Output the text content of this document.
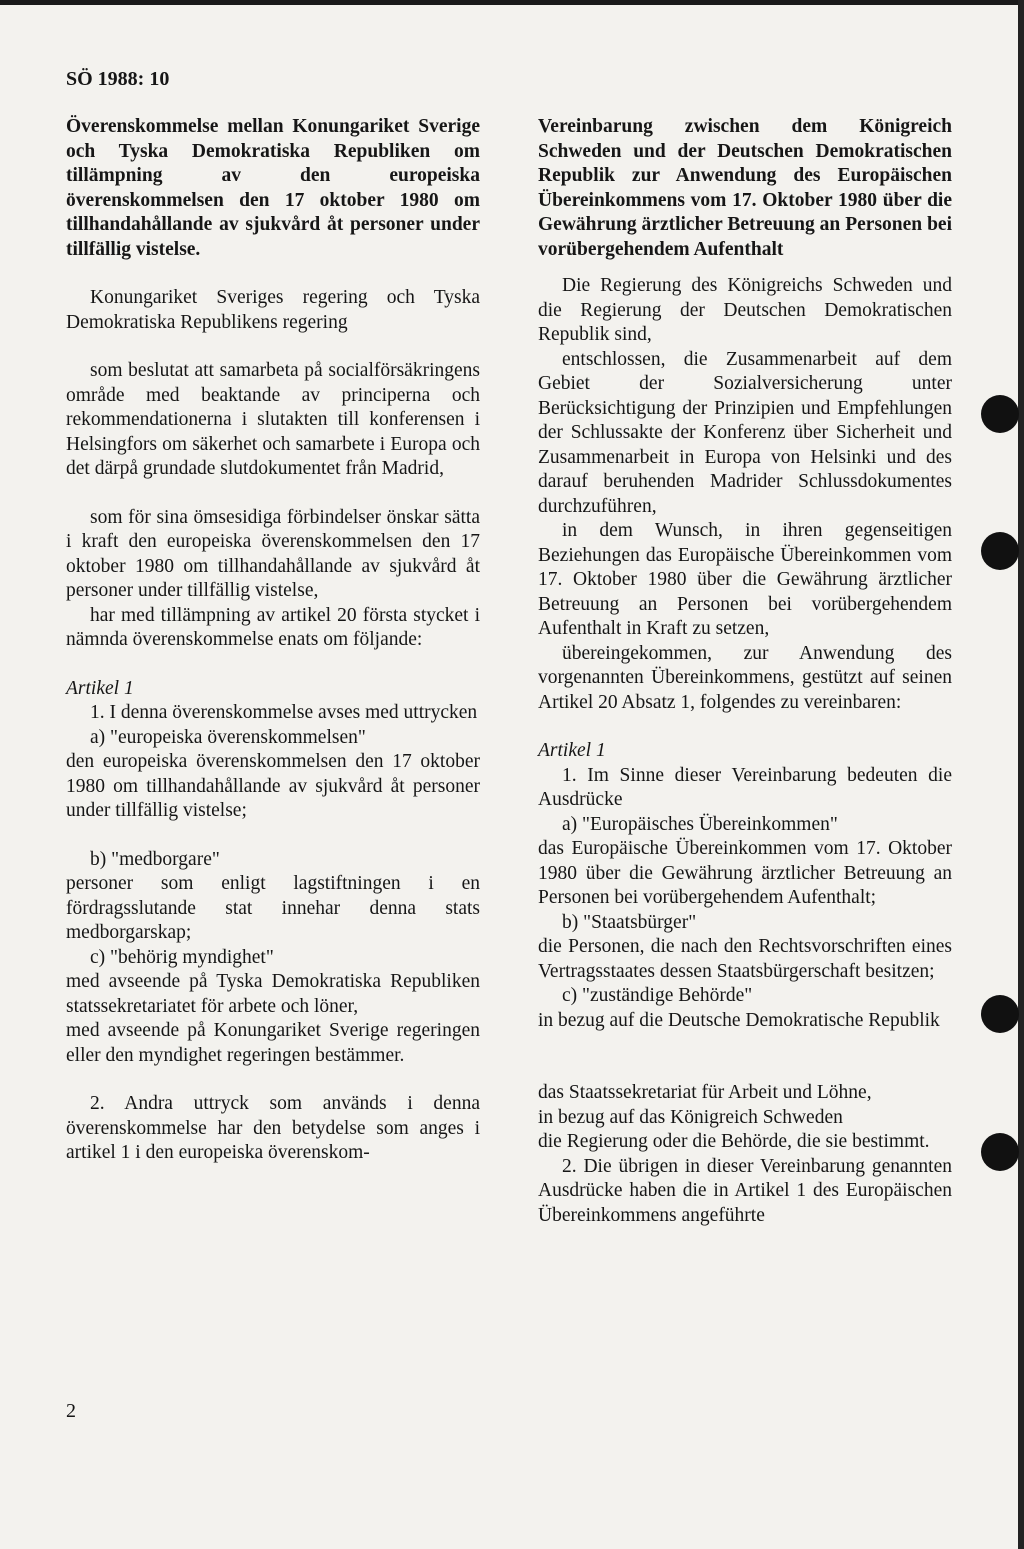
SÖ 1988: 10

Överenskommelse mellan Konungariket Sverige och Tyska Demokratiska Republiken om tillämpning av den europeiska överenskommelsen den 17 oktober 1980 om tillhandahållande av sjukvård åt personer under tillfällig vistelse.

Konungariket Sveriges regering och Tyska Demokratiska Republikens regering

som beslutat att samarbeta på socialförsäkringens område med beaktande av principerna och rekommendationerna i slutakten till konferensen i Helsingfors om säkerhet och samarbete i Europa och det därpå grundade slutdokumentet från Madrid,

som för sina ömsesidiga förbindelser önskar sätta i kraft den europeiska överenskommelsen den 17 oktober 1980 om tillhandahållande av sjukvård åt personer under tillfällig vistelse,

har med tillämpning av artikel 20 första stycket i nämnda överenskommelse enats om följande:

Artikel 1

1. I denna överenskommelse avses med uttrycken

a) "europeiska överenskommelsen"

den europeiska överenskommelsen den 17 oktober 1980 om tillhandahållande av sjukvård åt personer under tillfällig vistelse;

b) "medborgare"

personer som enligt lagstiftningen i en fördragsslutande stat innehar denna stats medborgarskap;

c) "behörig myndighet"

med avseende på Tyska Demokratiska Republiken statssekretariatet för arbete och löner,

med avseende på Konungariket Sverige regeringen eller den myndighet regeringen bestämmer.

2. Andra uttryck som används i denna överenskommelse har den betydelse som anges i artikel 1 i den europeiska överenskom-

Vereinbarung zwischen dem Königreich Schweden und der Deutschen Demokratischen Republik zur Anwendung des Europäischen Übereinkommens vom 17. Oktober 1980 über die Gewährung ärztlicher Betreuung an Personen bei vorübergehendem Aufenthalt

Die Regierung des Königreichs Schweden und die Regierung der Deutschen Demokratischen Republik sind,

entschlossen, die Zusammenarbeit auf dem Gebiet der Sozialversicherung unter Berücksichtigung der Prinzipien und Empfehlungen der Schlussakte der Konferenz über Sicherheit und Zusammenarbeit in Europa von Helsinki und des darauf beruhenden Madrider Schlussdokumentes durchzuführen,

in dem Wunsch, in ihren gegenseitigen Beziehungen das Europäische Übereinkommen vom 17. Oktober 1980 über die Gewährung ärztlicher Betreuung an Personen bei vorübergehendem Aufenthalt in Kraft zu setzen,

übereingekommen, zur Anwendung des vorgenannten Übereinkommens, gestützt auf seinen Artikel 20 Absatz 1, folgendes zu vereinbaren:

Artikel 1

1. Im Sinne dieser Vereinbarung bedeuten die Ausdrücke

a) "Europäisches Übereinkommen"

das Europäische Übereinkommen vom 17. Oktober 1980 über die Gewährung ärztlicher Betreuung an Personen bei vorübergehendem Aufenthalt;

b) "Staatsbürger"

die Personen, die nach den Rechtsvorschriften eines Vertragsstaates dessen Staatsbürgerschaft besitzen;

c) "zuständige Behörde"

in bezug auf die Deutsche Demokratische Republik

das Staatssekretariat für Arbeit und Löhne,

in bezug auf das Königreich Schweden

die Regierung oder die Behörde, die sie bestimmt.

2. Die übrigen in dieser Vereinbarung genannten Ausdrücke haben die in Artikel 1 des Europäischen Übereinkommens angeführte

2
